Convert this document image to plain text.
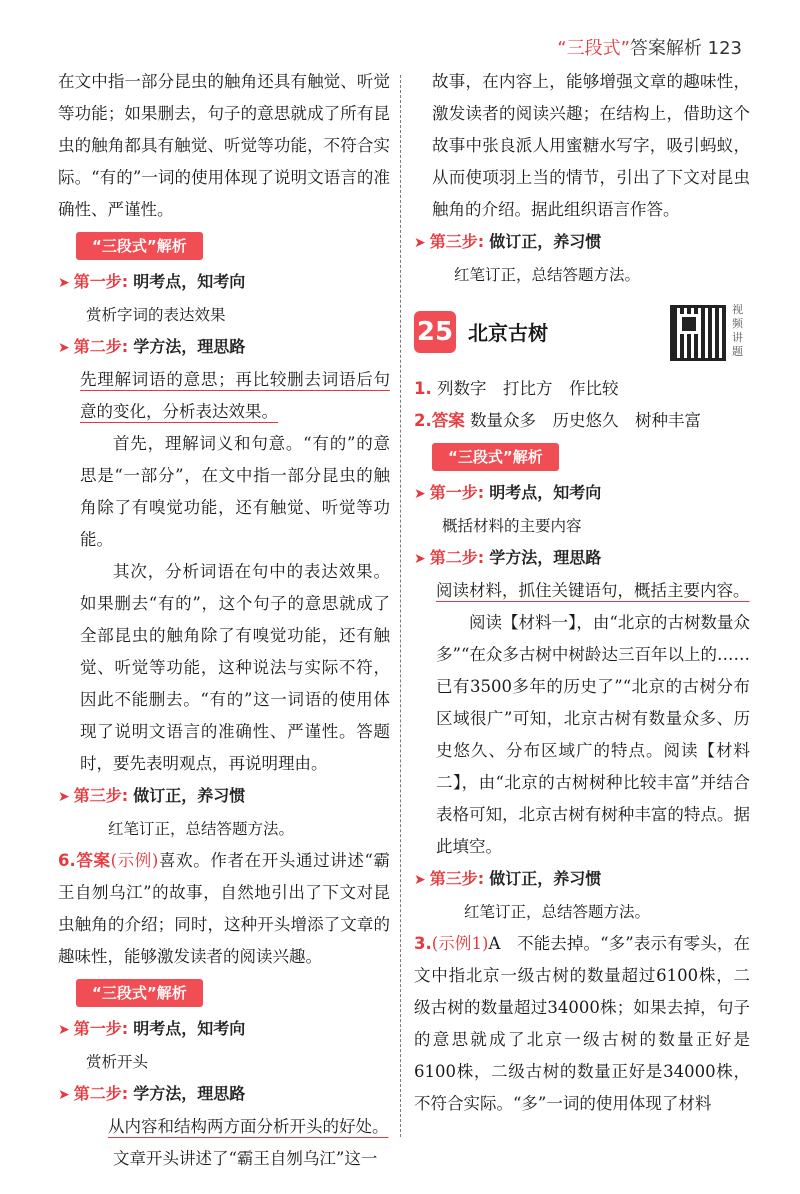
“三段式”答案解析 123

在文中指一部分昆虫的触角还具有触觉、听觉等功能；如果删去，句子的意思就成了所有昆虫的触角都具有触觉、听觉等功能，不符合实际。“有的”一词的使用体现了说明文语言的准确性、严谨性。

“三段式”解析

➤ 第一步: 明考点，知考向

赏析字词的表达效果

➤ 第二步: 学方法，理思路

先理解词语的意思；再比较删去词语后句意的变化，分析表达效果。

首先，理解词义和句意。“有的”的意思是“一部分”，在文中指一部分昆虫的触角除了有嗅觉功能，还有触觉、听觉等功能。

其次，分析词语在句中的表达效果。如果删去“有的”，这个句子的意思就成了全部昆虫的触角除了有嗅觉功能，还有触觉、听觉等功能，这种说法与实际不符，因此不能删去。“有的”这一词语的使用体现了说明文语言的准确性、严谨性。答题时，要先表明观点，再说明理由。

➤ 第三步: 做订正，养习惯

红笔订正，总结答题方法。

6.答案(示例)喜欢。作者在开头通过讲述“霸王自刎乌江”的故事，自然地引出了下文对昆虫触角的介绍；同时，这种开头增添了文章的趣味性，能够激发读者的阅读兴趣。

“三段式”解析

➤ 第一步: 明考点，知考向

赏析开头

➤ 第二步: 学方法，理思路

从内容和结构两方面分析开头的好处。

文章开头讲述了“霸王自刎乌江”这一

故事，在内容上，能够增强文章的趣味性，激发读者的阅读兴趣；在结构上，借助这个故事中张良派人用蜜糖水写字，吸引蚂蚁，从而使项羽上当的情节，引出了下文对昆虫触角的介绍。据此组织语言作答。

➤ 第三步: 做订正，养习惯

红笔订正，总结答题方法。

25 北京古树
视频讲题

1. 列数字　打比方　作比较

2.答案 数量众多　历史悠久　树种丰富

“三段式”解析

➤ 第一步: 明考点，知考向

概括材料的主要内容

➤ 第二步: 学方法，理思路

阅读材料，抓住关键语句，概括主要内容。

阅读【材料一】，由“北京的古树数量众多”“在众多古树中树龄达三百年以上的……已有3500多年的历史了”“北京的古树分布区域很广”可知，北京古树有数量众多、历史悠久、分布区域广的特点。阅读【材料二】，由“北京的古树树种比较丰富”并结合表格可知，北京古树有树种丰富的特点。据此填空。

➤ 第三步: 做订正，养习惯

红笔订正，总结答题方法。

3.(示例1)A　不能去掉。“多”表示有零头，在文中指北京一级古树的数量超过6100株，二级古树的数量超过34000株；如果去掉，句子的意思就成了北京一级古树的数量正好是6100株，二级古树的数量正好是34000株，不符合实际。“多”一词的使用体现了材料
